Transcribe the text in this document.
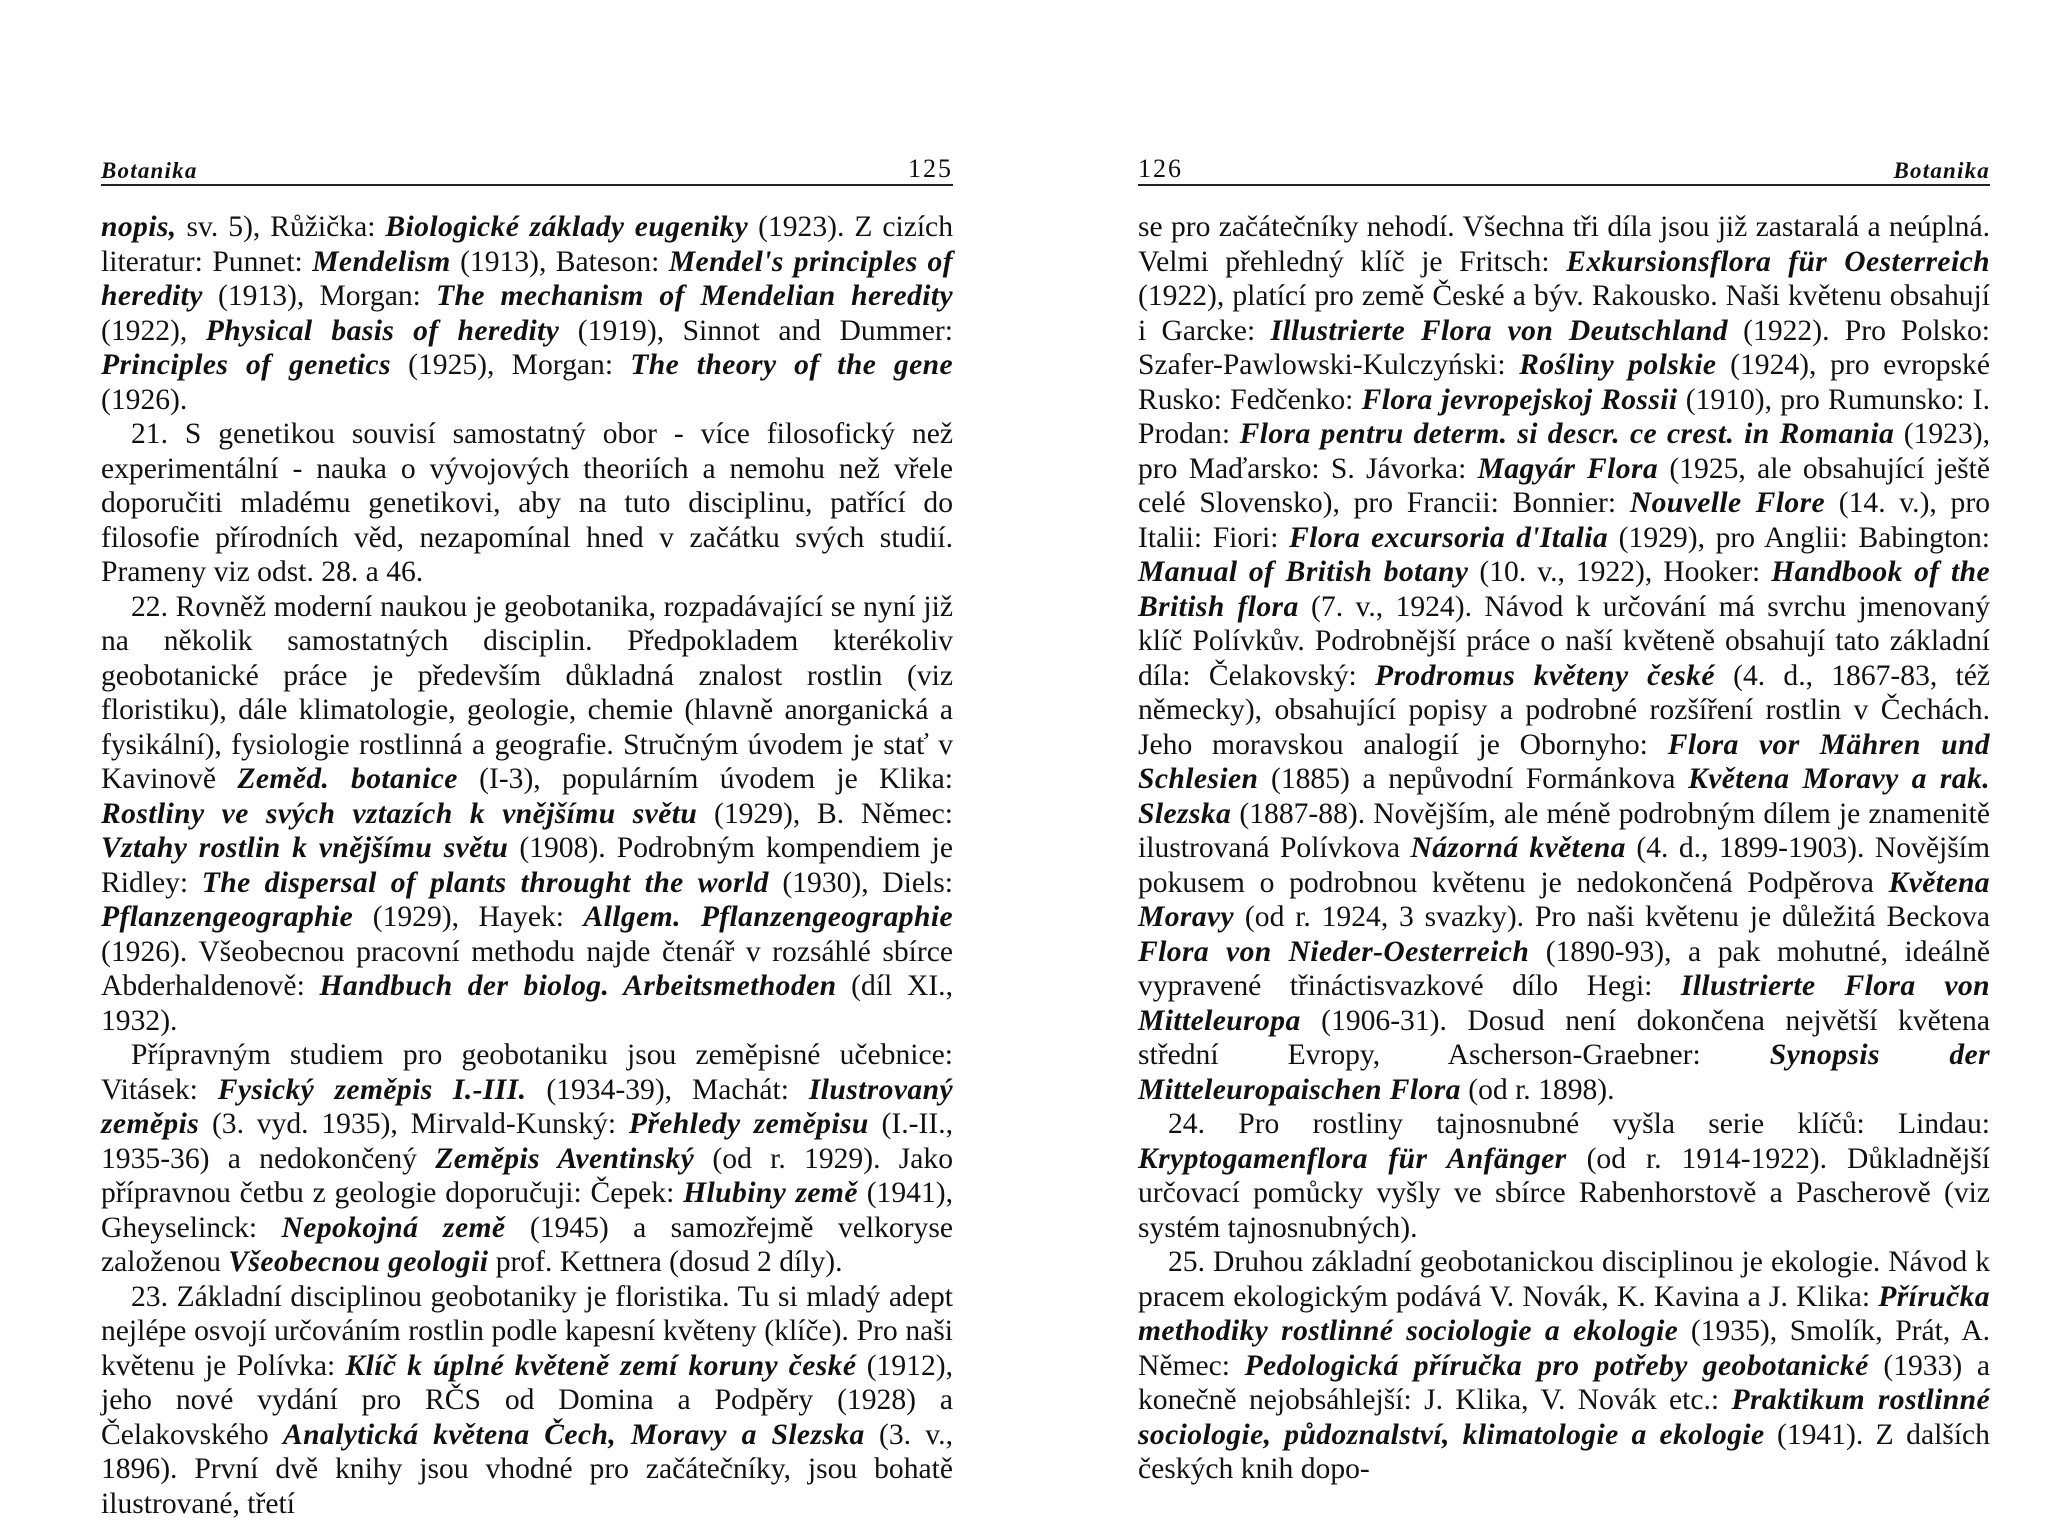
Botanika	125

nopis, sv. 5), Růžička: Biologické základy eugeniky (1923). Z cizích literatur: Punnet: Mendelism (1913), Bateson: Mendel's principles of heredity (1913), Morgan: The mechanism of Mendelian heredity (1922), Physical basis of heredity (1919), Sinnot and Dummer: Principles of genetics (1925), Morgan: The theory of the gene (1926).

21. S genetikou souvisí samostatný obor - více filosofický než experimentální - nauka o vývojových theoriích a nemohu než vřele doporučiti mladému genetikovi, aby na tuto disciplinu, patřící do filosofie přírodních věd, nezapomínal hned v začátku svých studií. Prameny viz odst. 28. a 46.

22. Rovněž moderní naukou je geobotanika, rozpadávající se nyní již na několik samostatných disciplin. Předpokladem kterékoliv geobotanické práce je především důkladná znalost rostlin (viz floristiku), dále klimatologie, geologie, chemie (hlavně anorganická a fysikální), fysiologie rostlinná a geografie. Stručným úvodem je stať v Kavinově Zeměd. botanice (I-3), populárním úvodem je Klika: Rostliny ve svých vztazích k vnějšímu světu (1929), B. Němec: Vztahy rostlin k vnějšímu světu (1908). Podrobným kompendiem je Ridley: The dispersal of plants throught the world (1930), Diels: Pflanzengeographie (1929), Hayek: Allgem. Pflanzengeographie (1926). Všeobecnou pracovní methodu najde čtenář v rozsáhlé sbírce Abderhaldenově: Handbuch der biolog. Arbeitsmethoden (díl XI., 1932).

Přípravným studiem pro geobotaniku jsou zeměpisné učebnice: Vitásek: Fysický zeměpis I.-III. (1934-39), Machát: Ilustrovaný zeměpis (3. vyd. 1935), Mirvald-Kunský: Přehledy zeměpisu (I.-II., 1935-36) a nedokončený Zeměpis Aventinský (od r. 1929). Jako přípravnou četbu z geologie doporučuji: Čepek: Hlubiny země (1941), Gheyselinck: Nepokojná země (1945) a samozřejmě velkoryse založenou Všeobecnou geologii prof. Kettnera (dosud 2 díly).

23. Základní disciplinou geobotaniky je floristika. Tu si mladý adept nejlépe osvojí určováním rostlin podle kapesní květeny (klíče). Pro naši květenu je Polívka: Klíč k úplné květeně zemí koruny české (1912), jeho nové vydání pro RČS od Domina a Podpěry (1928) a Čelakovského Analytická květena Čech, Moravy a Slezska (3. v., 1896). První dvě knihy jsou vhodné pro začátečníky, jsou bohatě ilustrované, třetí

126	Botanika

se pro začátečníky nehodí. Všechna tři díla jsou již zastaralá a neúplná. Velmi přehledný klíč je Fritsch: Exkursionsflora für Oesterreich (1922), platící pro země České a býv. Rakousko. Naši květenu obsahují i Garcke: Illustrierte Flora von Deutschland (1922). Pro Polsko: Szafer-Pawlowski-Kulczyński: Rośliny polskie (1924), pro evropské Rusko: Fedčenko: Flora jevropejskoj Rossii (1910), pro Rumunsko: I. Prodan: Flora pentru determ. si descr. ce crest. in Romania (1923), pro Maďarsko: S. Jávorka: Magyár Flora (1925, ale obsahující ještě celé Slovensko), pro Francii: Bonnier: Nouvelle Flore (14. v.), pro Italii: Fiori: Flora excursoria d'Italia (1929), pro Anglii: Babington: Manual of British botany (10. v., 1922), Hooker: Handbook of the British flora (7. v., 1924). Návod k určování má svrchu jmenovaný klíč Polívkův. Podrobnější práce o naší květeně obsahují tato základní díla: Čelakovský: Prodromus květeny české (4. d., 1867-83, též německy), obsahující popisy a podrobné rozšíření rostlin v Čechách. Jeho moravskou analogií je Obornyho: Flora vor Mähren und Schlesien (1885) a nepůvodní Formánkova Květena Moravy a rak. Slezska (1887-88). Novějším, ale méně podrobným dílem je znamenitě ilustrovaná Polívkova Názorná květena (4. d., 1899-1903). Novějším pokusem o podrobnou květenu je nedokončená Podpěrova Květena Moravy (od r. 1924, 3 svazky). Pro naši květenu je důležitá Beckova Flora von Nieder-Oesterreich (1890-93), a pak mohutné, ideálně vypravené třináctisvazkové dílo Hegi: Illustrierte Flora von Mitteleuropa (1906-31). Dosud není dokončena největší květena střední Evropy, Ascherson-Graebner: Synopsis der Mitteleuropaischen Flora (od r. 1898).

24. Pro rostliny tajnosnubné vyšla serie klíčů: Lindau: Kryptogamenflora für Anfänger (od r. 1914-1922). Důkladnější určovací pomůcky vyšly ve sbírce Rabenhorstově a Pascherově (viz systém tajnosnubných).

25. Druhou základní geobotanickou disciplinou je ekologie. Návod k pracem ekologickým podává V. Novák, K. Kavina a J. Klika: Příručka methodiky rostlinné sociologie a ekologie (1935), Smolík, Prát, A. Němec: Pedologická příručka pro potřeby geobotanické (1933) a konečně nejobsáhlejší: J. Klika, V. Novák etc.: Praktikum rostlinné sociologie, půdoznalství, klimatologie a ekologie (1941). Z dalších českých knih dopo-
